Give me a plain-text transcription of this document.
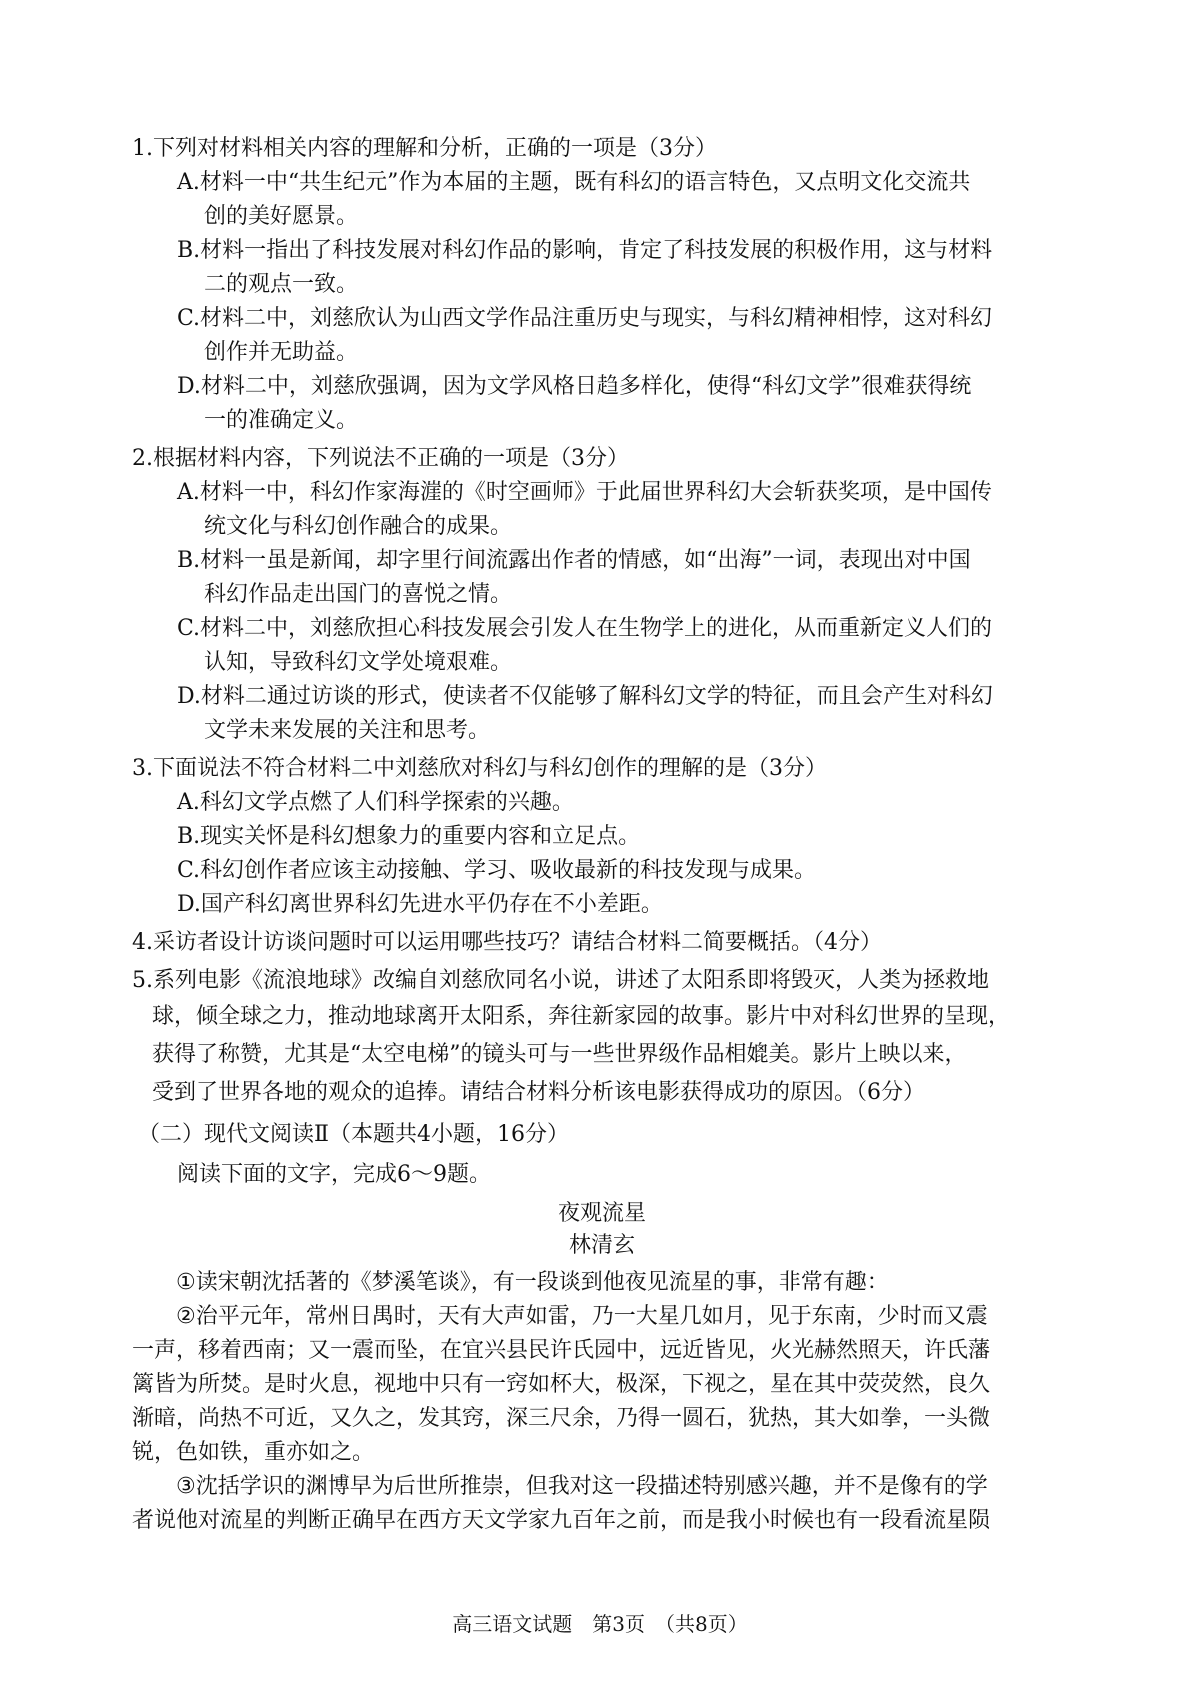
1.下列对材料相关内容的理解和分析，正确的一项是（3分）
A.材料一中“共生纪元”作为本届的主题，既有科幻的语言特色，又点明文化交流共
创的美好愿景。
B.材料一指出了科技发展对科幻作品的影响，肯定了科技发展的积极作用，这与材料
二的观点一致。
C.材料二中，刘慈欣认为山西文学作品注重历史与现实，与科幻精神相悖，这对科幻
创作并无助益。
D.材料二中，刘慈欣强调，因为文学风格日趋多样化，使得“科幻文学”很难获得统
一的准确定义。
2.根据材料内容，下列说法不正确的一项是（3分）
A.材料一中，科幻作家海漄的《时空画师》于此届世界科幻大会斩获奖项，是中国传
统文化与科幻创作融合的成果。
B.材料一虽是新闻，却字里行间流露出作者的情感，如“出海”一词，表现出对中国
科幻作品走出国门的喜悦之情。
C.材料二中，刘慈欣担心科技发展会引发人在生物学上的进化，从而重新定义人们的
认知，导致科幻文学处境艰难。
D.材料二通过访谈的形式，使读者不仅能够了解科幻文学的特征，而且会产生对科幻
文学未来发展的关注和思考。
3.下面说法不符合材料二中刘慈欣对科幻与科幻创作的理解的是（3分）
A.科幻文学点燃了人们科学探索的兴趣。
B.现实关怀是科幻想象力的重要内容和立足点。
C.科幻创作者应该主动接触、学习、吸收最新的科技发现与成果。
D.国产科幻离世界科幻先进水平仍存在不小差距。
4.采访者设计访谈问题时可以运用哪些技巧？请结合材料二简要概括。（4分）
5.系列电影《流浪地球》改编自刘慈欣同名小说，讲述了太阳系即将毁灭，人类为拯救地
球，倾全球之力，推动地球离开太阳系，奔往新家园的故事。影片中对科幻世界的呈现，
获得了称赞，尤其是“太空电梯”的镜头可与一些世界级作品相媲美。影片上映以来，
受到了世界各地的观众的追捧。请结合材料分析该电影获得成功的原因。（6分）
（二）现代文阅读Ⅱ（本题共4小题，16分）
阅读下面的文字，完成6～9题。
夜观流星
林清玄
①读宋朝沈括著的《梦溪笔谈》，有一段谈到他夜见流星的事，非常有趣：
②治平元年，常州日禺时，天有大声如雷，乃一大星几如月，见于东南，少时而又震
一声，移着西南；又一震而坠，在宜兴县民许氏园中，远近皆见，火光赫然照天，许氏藩
篱皆为所焚。是时火息，视地中只有一窍如杯大，极深，下视之，星在其中荧荧然，良久
渐暗，尚热不可近，又久之，发其窍，深三尺余，乃得一圆石，犹热，其大如拳，一头微
锐，色如铁，重亦如之。
③沈括学识的渊博早为后世所推崇，但我对这一段描述特别感兴趣，并不是像有的学
者说他对流星的判断正确早在西方天文学家九百年之前，而是我小时候也有一段看流星陨
高三语文试题　第3页　（共8页）
